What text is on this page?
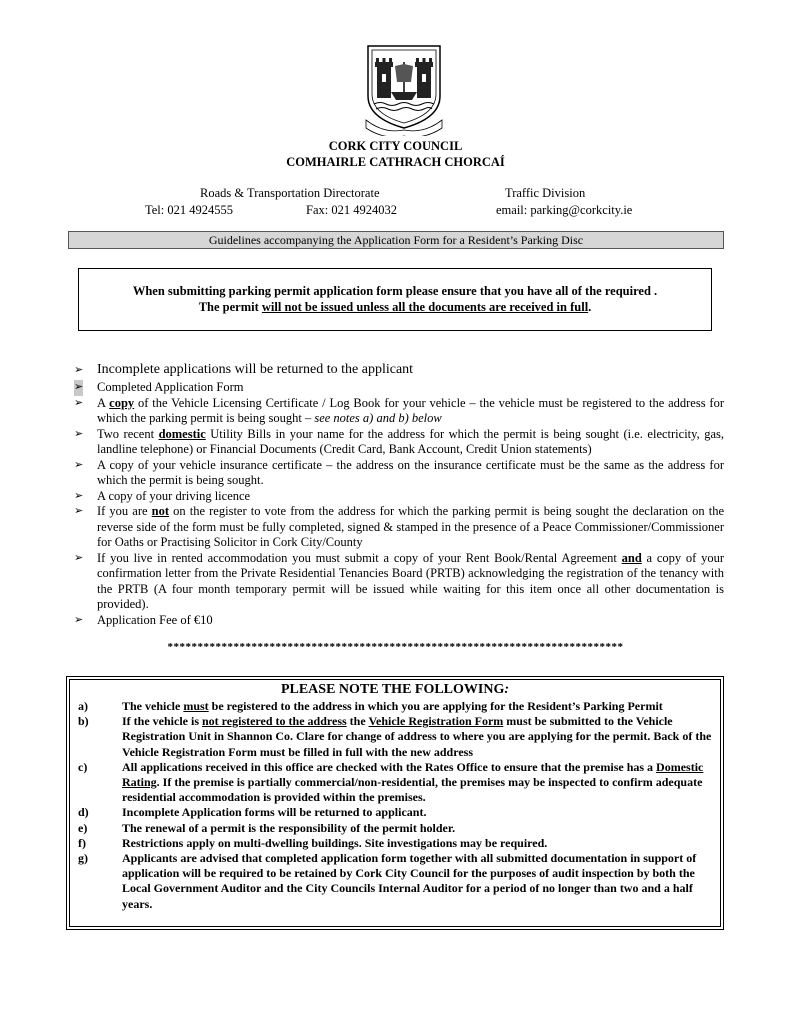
CORK CITY COUNCIL
COMHAIRLE CATHRACH CHORCAÍ
Roads & Transportation Directorate	Traffic Division
Tel: 021 4924555	Fax: 021 4924032	email: parking@corkcity.ie
Guidelines accompanying the Application Form for a Resident’s Parking Disc
When submitting parking permit application form please ensure that you have all of the required .
The permit will not be issued unless all the documents are received in full.
➢ Incomplete applications will be returned to the applicant
➢ Completed Application Form
➢ A copy of the Vehicle Licensing Certificate / Log Book for your vehicle – the vehicle must be registered to the address for which the parking permit is being sought – see notes a) and b) below
➢ Two recent domestic Utility Bills in your name for the address for which the permit is being sought (i.e. electricity, gas, landline telephone) or Financial Documents (Credit Card, Bank Account, Credit Union statements)
➢ A copy of your vehicle insurance certificate – the address on the insurance certificate must be the same as the address for which the permit is being sought.
➢ A copy of your driving licence
➢ If you are not on the register to vote from the address for which the parking permit is being sought the declaration on the reverse side of the form must be fully completed, signed & stamped in the presence of a Peace Commissioner/Commissioner for Oaths or Practising Solicitor in Cork City/County
➢ If you live in rented accommodation you must submit a copy of your Rent Book/Rental Agreement and a copy of your confirmation letter from the Private Residential Tenancies Board (PRTB) acknowledging the registration of the tenancy with the PRTB (A four month temporary permit will be issued while waiting for this item once all other documentation is provided).
➢ Application Fee of €10
****************************************************************************
PLEASE NOTE THE FOLLOWING:
a)	The vehicle must be registered to the address in which you are applying for the Resident’s Parking Permit
b)	If the vehicle is not registered to the address the Vehicle Registration Form must be submitted to the Vehicle Registration Unit in Shannon Co. Clare for change of address to where you are applying for the permit. Back of the Vehicle Registration Form must be filled in full with the new address
c)	All applications received in this office are checked with the Rates Office to ensure that the premise has a Domestic Rating. If the premise is partially commercial/non-residential, the premises may be inspected to confirm adequate residential accommodation is provided within the premises.
d)	Incomplete Application forms will be returned to applicant.
e)	The renewal of a permit is the responsibility of the permit holder.
f)	Restrictions apply on multi-dwelling buildings. Site investigations may be required.
g)	Applicants are advised that completed application form together with all submitted documentation in support of application will be required to be retained by Cork City Council for the purposes of audit inspection by both the Local Government Auditor and the City Councils Internal Auditor for a period of no longer than two and a half years.
